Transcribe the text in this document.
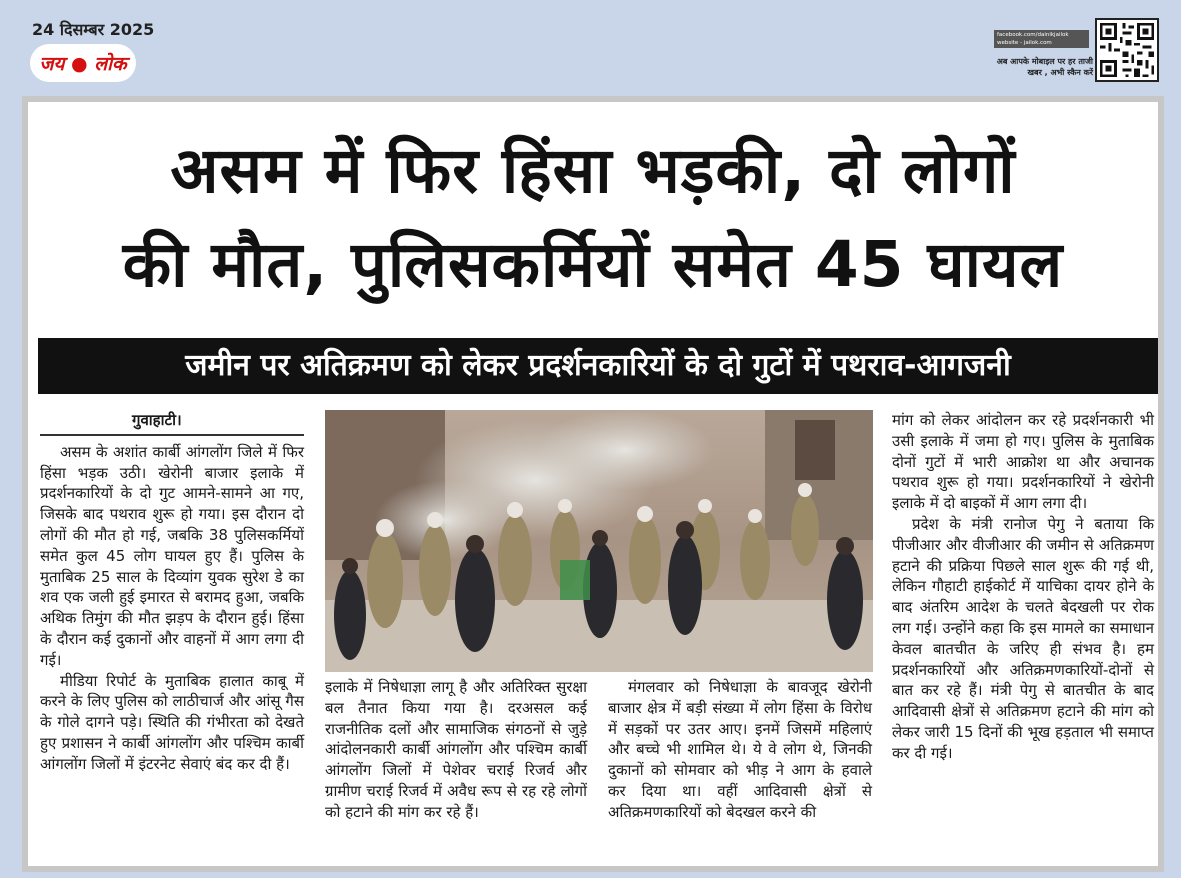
24 दिसम्बर 2025
जय ● लोक
facebook.com/dainikjailok website - jailok.com
अब आपके मोबाइल पर हर ताजी खबर , अभी स्कैन करें
असम में फिर हिंसा भड़की, दो लोगों
की मौत, पुलिसकर्मियों समेत 45 घायल
जमीन पर अतिक्रमण को लेकर प्रदर्शनकारियों के दो गुटों में पथराव-आगजनी
गुवाहाटी।

असम के अशांत कार्बी आंगलोंग जिले में फिर हिंसा भड़क उठी। खेरोनी बाजार इलाके में प्रदर्शनकारियों के दो गुट आमने-सामने आ गए, जिसके बाद पथराव शुरू हो गया। इस दौरान दो लोगों की मौत हो गई, जबकि 38 पुलिसकर्मियों समेत कुल 45 लोग घायल हुए हैं। पुलिस के मुताबिक 25 साल के दिव्यांग युवक सुरेश डे का शव एक जली हुई इमारत से बरामद हुआ, जबकि अथिक तिमुंग की मौत झड़प के दौरान हुई। हिंसा के दौरान कई दुकानों और वाहनों में आग लगा दी गई।

मीडिया रिपोर्ट के मुताबिक हालात काबू में करने के लिए पुलिस को लाठीचार्ज और आंसू गैस के गोले दागने पड़े। स्थिति की गंभीरता को देखते हुए प्रशासन ने कार्बी आंगलोंग और पश्चिम कार्बी आंगलोंग जिलों में इंटरनेट सेवाएं बंद कर दी हैं।

इलाके में निषेधाज्ञा लागू है और अतिरिक्त सुरक्षा बल तैनात किया गया है। दरअसल कई राजनीतिक दलों और सामाजिक संगठनों से जुड़े आंदोलनकारी कार्बी आंगलोंग और पश्चिम कार्बी आंगलोंग जिलों में पेशेवर चराई रिजर्व और ग्रामीण चराई रिजर्व में अवैध रूप से रह रहे लोगों को हटाने की मांग कर रहे हैं।

मंगलवार को निषेधाज्ञा के बावजूद खेरोनी बाजार क्षेत्र में बड़ी संख्या में लोग हिंसा के विरोध में सड़कों पर उतर आए। इनमें जिसमें महिलाएं और बच्चे भी शामिल थे। ये वे लोग थे, जिनकी दुकानों को सोमवार को भीड़ ने आग के हवाले कर दिया था। वहीं आदिवासी क्षेत्रों से अतिक्रमणकारियों को बेदखल करने की

मांग को लेकर आंदोलन कर रहे प्रदर्शनकारी भी उसी इलाके में जमा हो गए। पुलिस के मुताबिक दोनों गुटों में भारी आक्रोश था और अचानक पथराव शुरू हो गया। प्रदर्शनकारियों ने खेरोनी इलाके में दो बाइकों में आग लगा दी।

प्रदेश के मंत्री रानोज पेगु ने बताया कि पीजीआर और वीजीआर की जमीन से अतिक्रमण हटाने की प्रक्रिया पिछले साल शुरू की गई थी, लेकिन गौहाटी हाईकोर्ट में याचिका दायर होने के बाद अंतरिम आदेश के चलते बेदखली पर रोक लग गई। उन्होंने कहा कि इस मामले का समाधान केवल बातचीत के जरिए ही संभव है। हम प्रदर्शनकारियों और अतिक्रमणकारियों-दोनों से बात कर रहे हैं। मंत्री पेगु से बातचीत के बाद आदिवासी क्षेत्रों से अतिक्रमण हटाने की मांग को लेकर जारी 15 दिनों की भूख हड़ताल भी समाप्त कर दी गई।
